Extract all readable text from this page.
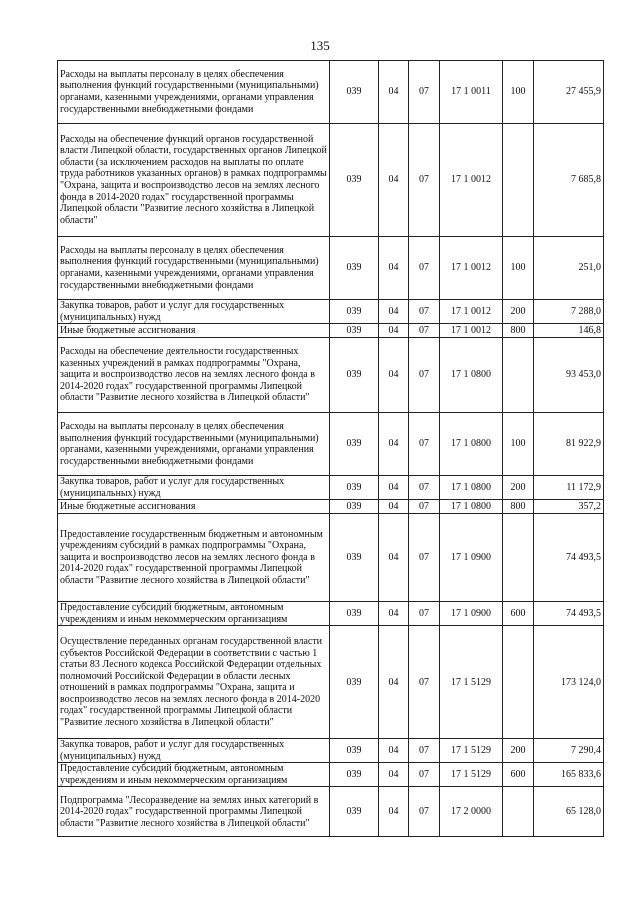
135
Расходы на выплаты персоналу в целях обеспечения выполнения функций государственными (муниципальными) органами, казенными учреждениями, органами управления государственными внебюджетными фондами	039	04	07	17 1 0011	100	27 455,9
Расходы на обеспечение функций органов государственной власти Липецкой области, государственных органов Липецкой области (за исключением расходов на выплаты по оплате труда работников указанных органов) в рамках подпрограммы "Охрана, защита и воспроизводство лесов на землях лесного фонда в 2014-2020 годах" государственной программы Липецкой области "Развитие лесного хозяйства в Липецкой области"	039	04	07	17 1 0012		7 685,8
Расходы на выплаты персоналу в целях обеспечения выполнения функций государственными (муниципальными) органами, казенными учреждениями, органами управления государственными внебюджетными фондами	039	04	07	17 1 0012	100	251,0
Закупка товаров, работ и услуг для государственных (муниципальных) нужд	039	04	07	17 1 0012	200	7 288,0
Иные бюджетные ассигнования	039	04	07	17 1 0012	800	146,8
Расходы на обеспечение деятельности государственных казенных учреждений в рамках подпрограммы "Охрана, защита и воспроизводство лесов на землях лесного фонда в 2014-2020 годах" государственной программы Липецкой области "Развитие лесного хозяйства в Липецкой области"	039	04	07	17 1 0800		93 453,0
Расходы на выплаты персоналу в целях обеспечения выполнения функций государственными (муниципальными) органами, казенными учреждениями, органами управления государственными внебюджетными фондами	039	04	07	17 1 0800	100	81 922,9
Закупка товаров, работ и услуг для государственных (муниципальных) нужд	039	04	07	17 1 0800	200	11 172,9
Иные бюджетные ассигнования	039	04	07	17 1 0800	800	357,2
Предоставление государственным бюджетным и автономным учреждениям субсидий в рамках подпрограммы "Охрана, защита и воспроизводство лесов на землях лесного фонда в 2014-2020 годах" государственной программы Липецкой области "Развитие лесного хозяйства в Липецкой области"	039	04	07	17 1 0900		74 493,5
Предоставление субсидий бюджетным, автономным учреждениям и иным некоммерческим организациям	039	04	07	17 1 0900	600	74 493,5
Осуществление переданных органам государственной власти субъектов Российской Федерации в соответствии с частью 1 статьи 83 Лесного кодекса Российской Федерации отдельных полномочий Российской Федерации в области лесных отношений в рамках подпрограммы "Охрана, защита и воспроизводство лесов на землях лесного фонда в 2014-2020 годах" государственной программы Липецкой области "Развитие лесного хозяйства в Липецкой области"	039	04	07	17 1 5129		173 124,0
Закупка товаров, работ и услуг для государственных (муниципальных) нужд	039	04	07	17 1 5129	200	7 290,4
Предоставление субсидий бюджетным, автономным учреждениям и иным некоммерческим организациям	039	04	07	17 1 5129	600	165 833,6
Подпрограмма "Лесоразведение на землях иных категорий в 2014-2020 годах" государственной программы Липецкой области "Развитие лесного хозяйства в Липецкой области"	039	04	07	17 2 0000		65 128,0
